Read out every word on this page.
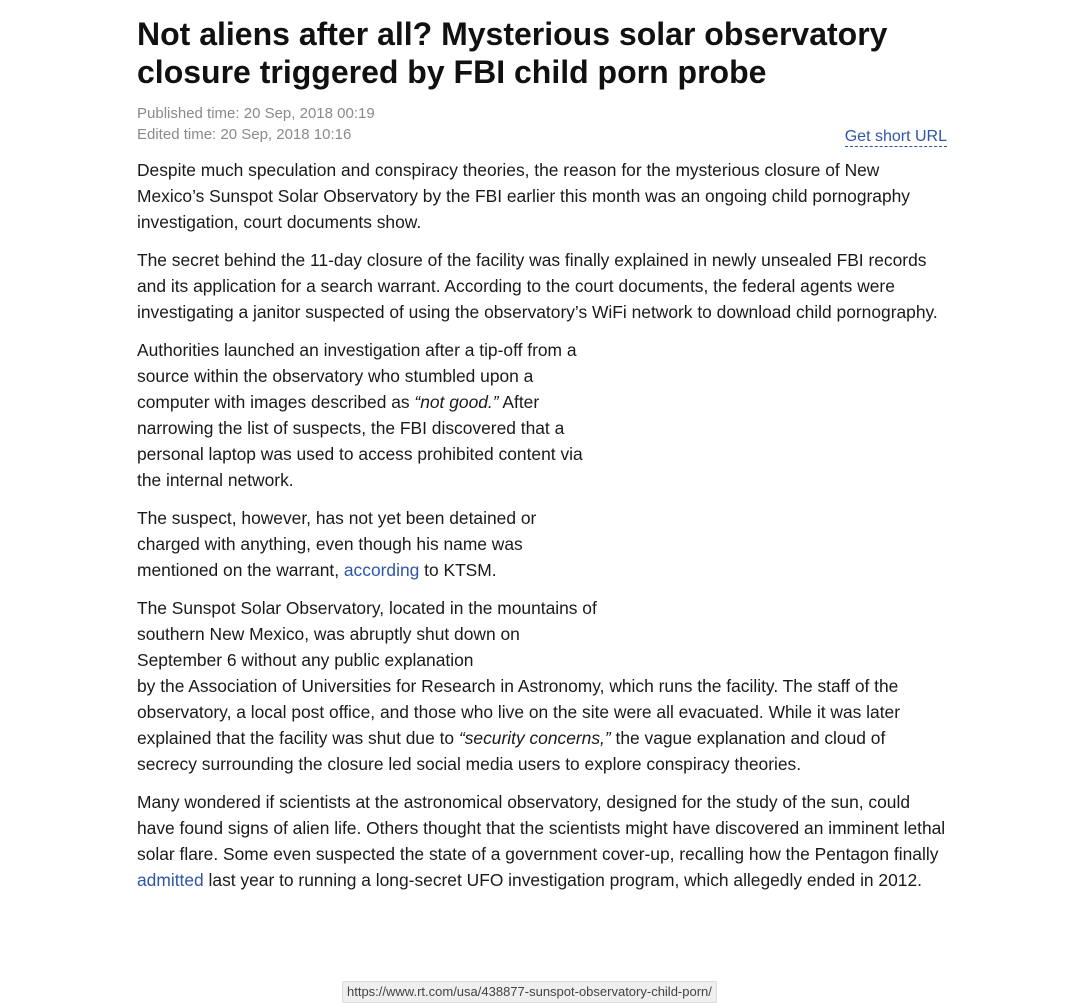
Not aliens after all? Mysterious solar observatory closure triggered by FBI child porn probe
Published time: 20 Sep, 2018 00:19
Edited time: 20 Sep, 2018 10:16	Get short URL

Despite much speculation and conspiracy theories, the reason for the mysterious closure of New Mexico’s Sunspot Solar Observatory by the FBI earlier this month was an ongoing child pornography investigation, court documents show.

The secret behind the 11-day closure of the facility was finally explained in newly unsealed FBI records and its application for a search warrant. According to the court documents, the federal agents were investigating a janitor suspected of using the observatory’s WiFi network to download child pornography.

Authorities launched an investigation after a tip-off from a source within the observatory who stumbled upon a computer with images described as “not good.” After narrowing the list of suspects, the FBI discovered that a personal laptop was used to access prohibited content via the internal network.

The suspect, however, has not yet been detained or charged with anything, even though his name was mentioned on the warrant, according to KTSM.

The Sunspot Solar Observatory, located in the mountains of southern New Mexico, was abruptly shut down on September 6 without any public explanation
by the Association of Universities for Research in Astronomy, which runs the facility. The staff of the observatory, a local post office, and those who live on the site were all evacuated. While it was later explained that the facility was shut due to “security concerns,” the vague explanation and cloud of secrecy surrounding the closure led social media users to explore conspiracy theories.

Many wondered if scientists at the astronomical observatory, designed for the study of the sun, could have found signs of alien life. Others thought that the scientists might have discovered an imminent lethal solar flare. Some even suspected the state of a government cover-up, recalling how the Pentagon finally admitted last year to running a long-secret UFO investigation program, which allegedly ended in 2012.

https://www.rt.com/usa/438877-sunspot-observatory-child-porn/
